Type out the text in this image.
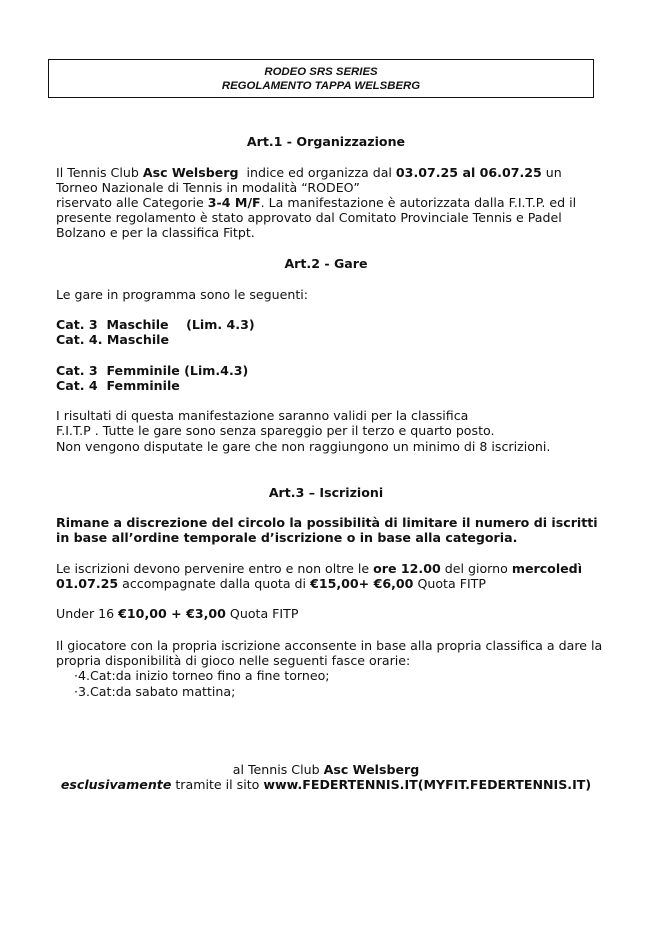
RODEO SRS SERIES
REGOLAMENTO TAPPA WELSBERG
Art.1 - Organizzazione
Il Tennis Club Asc Welsberg  indice ed organizza dal 03.07.25 al 06.07.25 un
Torneo Nazionale di Tennis in modalità “RODEO”
riservato alle Categorie 3-4 M/F. La manifestazione è autorizzata dalla F.I.T.P. ed il
presente regolamento è stato approvato dal Comitato Provinciale Tennis e Padel
Bolzano e per la classifica Fitpt.
Art.2 - Gare
Le gare in programma sono le seguenti:
Cat. 3  Maschile    (Lim. 4.3)
Cat. 4. Maschile
Cat. 3  Femminile (Lim.4.3)
Cat. 4  Femminile
I risultati di questa manifestazione saranno validi per la classifica
F.I.T.P . Tutte le gare sono senza spareggio per il terzo e quarto posto.
Non vengono disputate le gare che non raggiungono un minimo di 8 iscrizioni.
Art.3 – Iscrizioni
Rimane a discrezione del circolo la possibilità di limitare il numero di iscritti
in base all’ordine temporale d’iscrizione o in base alla categoria.
Le iscrizioni devono pervenire entro e non oltre le ore 12.00 del giorno mercoledì
01.07.25 accompagnate dalla quota di €15,00+ €6,00 Quota FITP
Under 16 €10,00 + €3,00 Quota FITP
Il giocatore con la propria iscrizione acconsente in base alla propria classifica a dare la
propria disponibilità di gioco nelle seguenti fasce orarie:
·4.Cat:da inizio torneo fino a fine torneo;
·3.Cat:da sabato mattina;
al Tennis Club Asc Welsberg
esclusivamente tramite il sito www.FEDERTENNIS.IT(MYFIT.FEDERTENNIS.IT)
